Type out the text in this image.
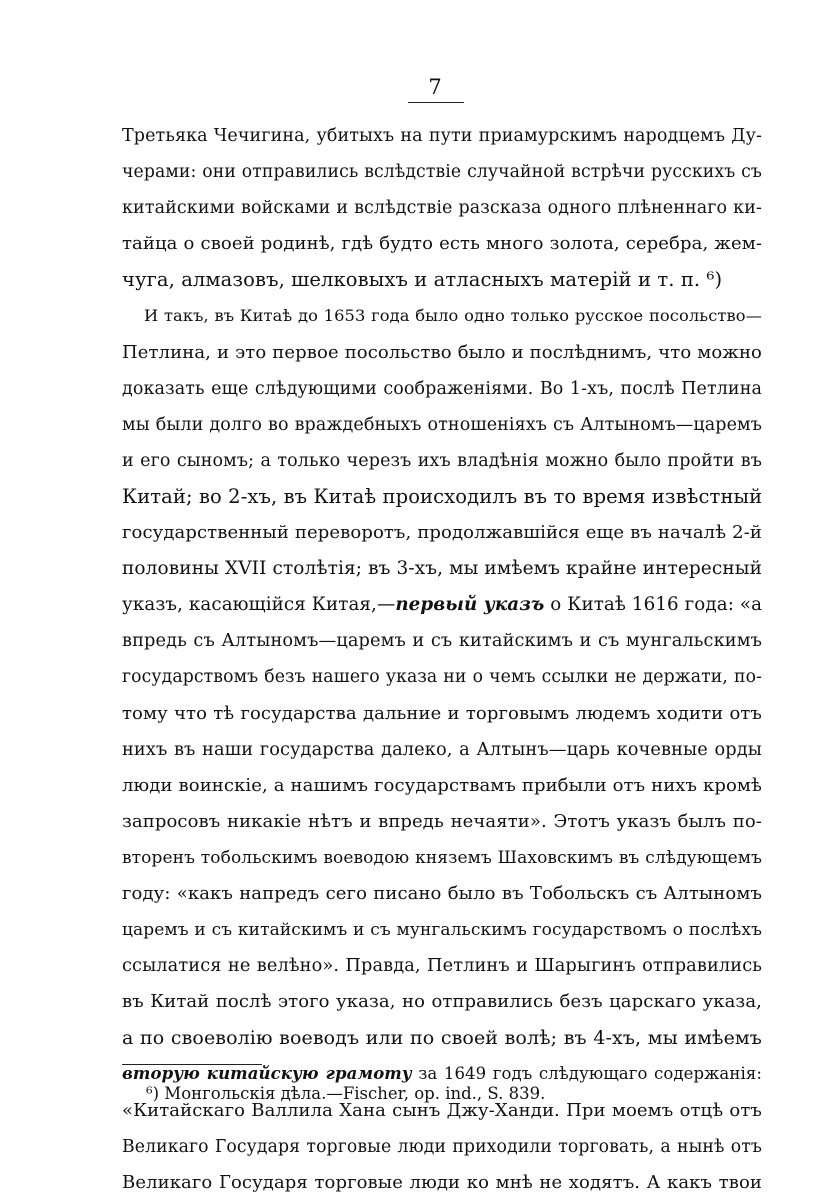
7
Третьяка Чечигина, убитыхъ на пути приамурскимъ народцемъ Ду-
черами: они отправились вслѣдствіе случайной встрѣчи русскихъ съ
китайскими войсками и вслѣдствіе разсказа одного плѣненнаго ки-
тайца о своей родинѣ, гдѣ будто есть много золота, серебра, жем-
чуга, алмазовъ, шелковыхъ и атласныхъ матерій и т. п. ⁶)
И такъ, въ Китаѣ до 1653 года было одно только русское посольство—
Петлина, и это первое посольство было и послѣднимъ, что можно
доказать еще слѣдующими соображеніями. Во 1-хъ, послѣ Петлина
мы были долго во враждебныхъ отношеніяхъ съ Алтыномъ—царемъ
и его сыномъ; а только черезъ ихъ владѣнія можно было пройти въ
Китай; во 2-хъ, въ Китаѣ происходилъ въ то время извѣстный
государственный переворотъ, продолжавшійся еще въ началѣ 2-й
половины XVII столѣтія; въ 3-хъ, мы имѣемъ крайне интересный
указъ, касающійся Китая,—первый указъ о Китаѣ 1616 года: «а
впредь съ Алтыномъ—царемъ и съ китайскимъ и съ мунгальскимъ
государствомъ безъ нашего указа ни о чемъ ссылки не держати, по-
тому что тѣ государства дальние и торговымъ людемъ ходити отъ
нихъ въ наши государства далеко, а Алтынъ—царь кочевные орды
люди воинскіе, а нашимъ государствамъ прибыли отъ нихъ кромѣ
запросовъ никакіе нѣтъ и впредь нечаяти». Этотъ указъ былъ по-
вторенъ тобольскимъ воеводою княземъ Шаховскимъ въ слѣдующемъ
году: «какъ напредъ сего писано было въ Тобольскъ съ Алтыномъ
царемъ и съ китайскимъ и съ мунгальскимъ государствомъ о послѣхъ
ссылатися не велѣно». Правда, Петлинъ и Шарыгинъ отправились
въ Китай послѣ этого указа, но отправились безъ царскаго указа,
а по своеволію воеводъ или по своей волѣ; въ 4-хъ, мы имѣемъ
вторую китайскую грамоту за 1649 годъ слѣдующаго содержанія:
«Китайскаго Валлила Хана сынъ Джу-Ханди. При моемъ отцѣ отъ
Великаго Государя торговые люди приходили торговать, а нынѣ отъ
Великаго Государя торговые люди ко мнѣ не ходятъ. А какъ твои
⁶) Монгольскія дѣла.—Fischer, op. ind., S. 839.
